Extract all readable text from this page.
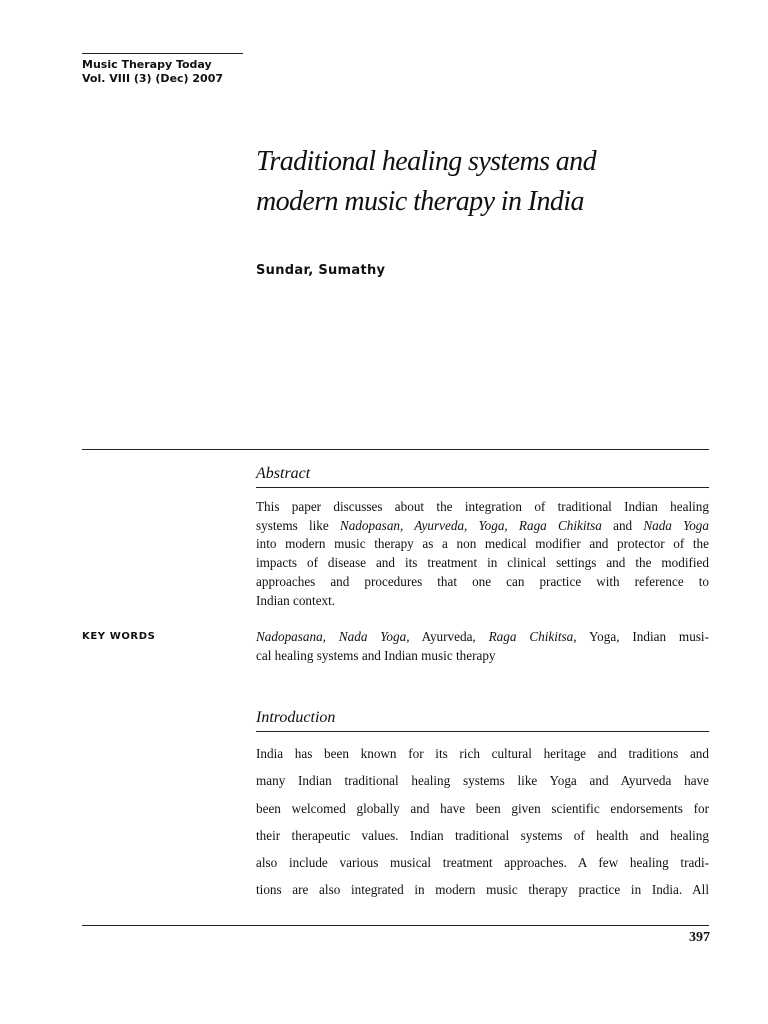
Music Therapy Today
Vol. VIII (3) (Dec) 2007
Traditional healing systems and
modern music therapy in India
Sundar, Sumathy
Abstract

This paper discusses about the integration of traditional Indian healing
systems like Nadopasan, Ayurveda, Yoga, Raga Chikitsa and Nada Yoga
into modern music therapy as a non medical modifier and protector of the
impacts of disease and its treatment in clinical settings and the modified
approaches and procedures that one can practice with reference to
Indian context.

KEY WORDS	Nadopasana, Nada Yoga, Ayurveda, Raga Chikitsa, Yoga, Indian musi-
cal healing systems and Indian music therapy

Introduction

India has been known for its rich cultural heritage and traditions and
many Indian traditional healing systems like Yoga and Ayurveda have
been welcomed globally and have been given scientific endorsements for
their therapeutic values. Indian traditional systems of health and healing
also include various musical treatment approaches. A few healing tradi-
tions are also integrated in modern music therapy practice in India. All

397
